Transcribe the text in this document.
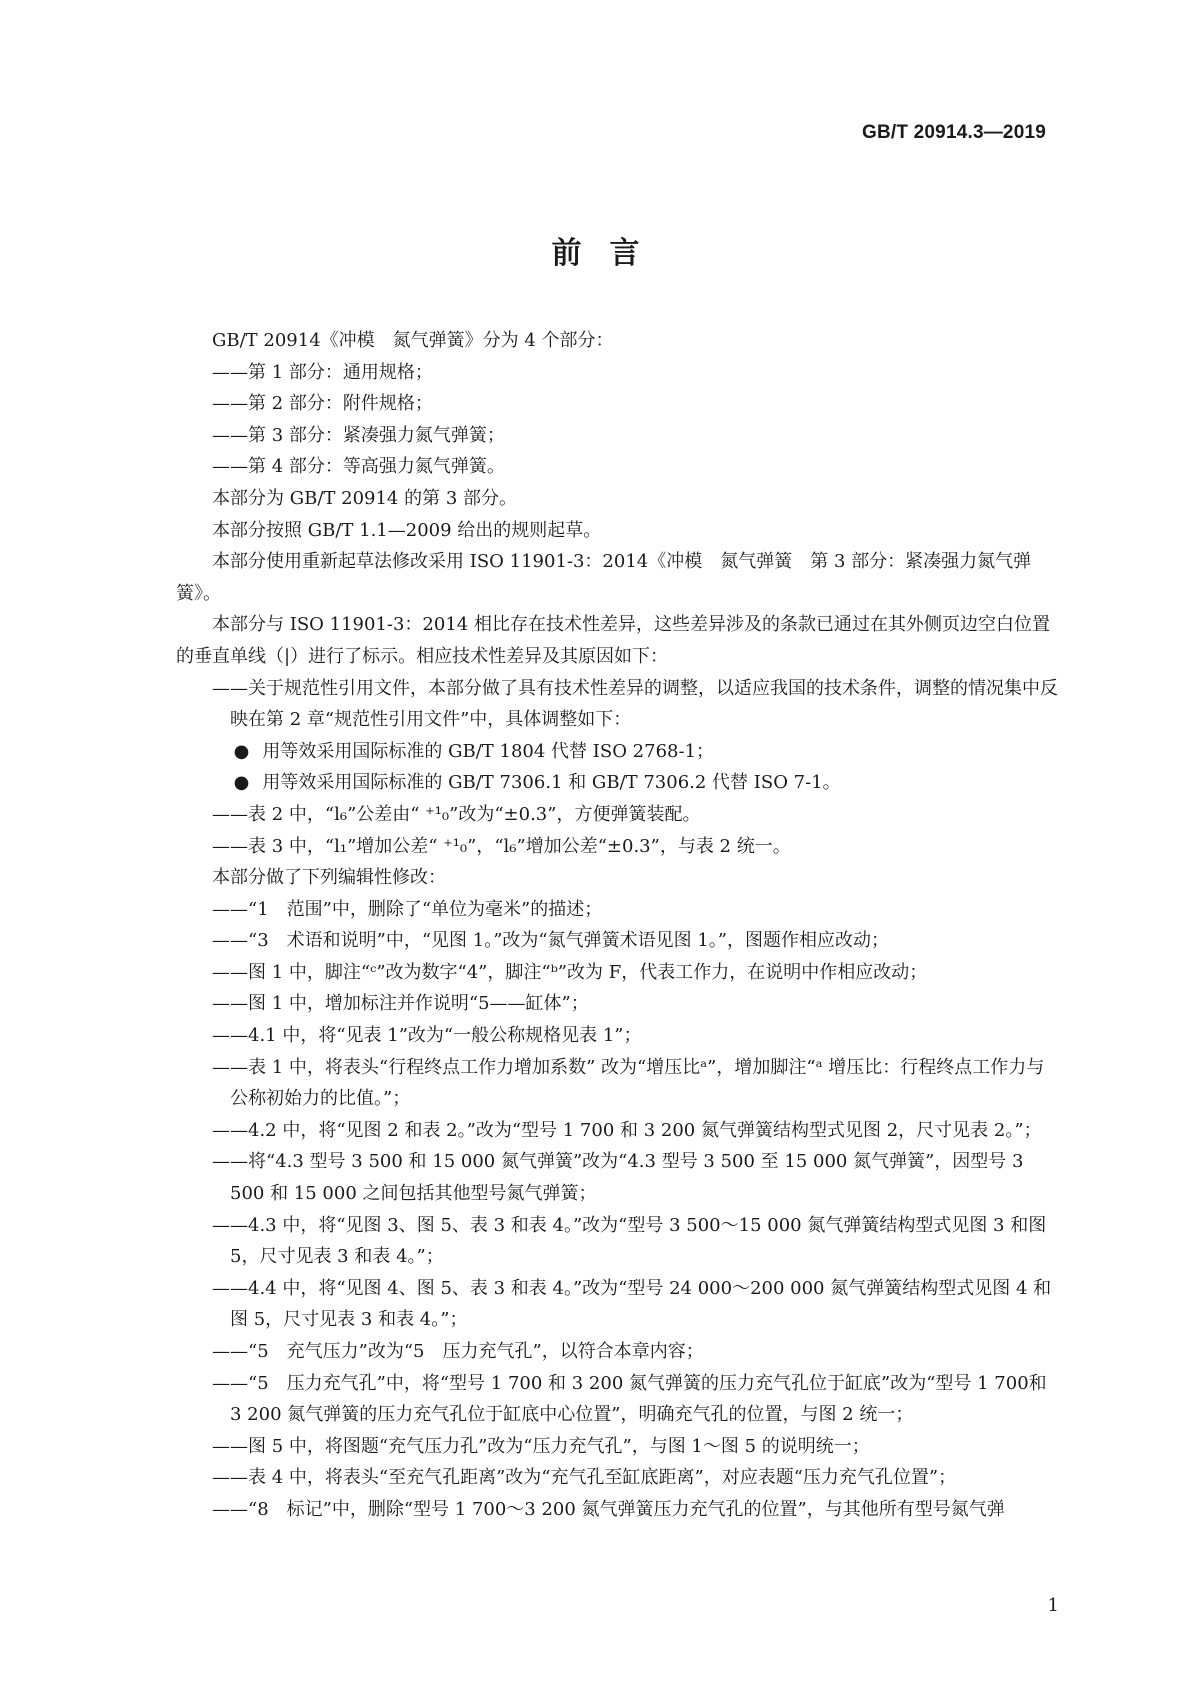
GB/T 20914.3—2019
前言

GB/T 20914《冲模　氮气弹簧》分为 4 个部分：

——第 1 部分：通用规格；

——第 2 部分：附件规格；

——第 3 部分：紧凑强力氮气弹簧；

——第 4 部分：等高强力氮气弹簧。

本部分为 GB/T 20914 的第 3 部分。

本部分按照 GB/T 1.1—2009 给出的规则起草。

本部分使用重新起草法修改采用 ISO 11901-3：2014《冲模　氮气弹簧　第 3 部分：紧凑强力氮气弹簧》。

本部分与 ISO 11901-3：2014 相比存在技术性差异，这些差异涉及的条款已通过在其外侧页边空白位置的垂直单线（|）进行了标示。相应技术性差异及其原因如下：

——关于规范性引用文件，本部分做了具有技术性差异的调整，以适应我国的技术条件，调整的情况集中反映在第 2 章“规范性引用文件”中，具体调整如下：

● 用等效采用国际标准的 GB/T 1804 代替 ISO 2768-1；

● 用等效采用国际标准的 GB/T 7306.1 和 GB/T 7306.2 代替 ISO 7-1。

——表 2 中，“l₆”公差由“ ⁺¹₀”改为“±0.3”，方便弹簧装配。

——表 3 中，“l₁”增加公差“ ⁺¹₀”，“l₆”增加公差“±0.3”，与表 2 统一。

本部分做了下列编辑性修改：

——“1　范围”中，删除了“单位为毫米”的描述；

——“3　术语和说明”中，“见图 1。”改为“氮气弹簧术语见图 1。”，图题作相应改动；

——图 1 中，脚注“ᶜ”改为数字“4”，脚注“ᵇ”改为 F，代表工作力，在说明中作相应改动；

——图 1 中，增加标注并作说明“5——缸体”；

——4.1 中，将“见表 1”改为“一般公称规格见表 1”；

——表 1 中，将表头“行程终点工作力增加系数” 改为“增压比ᵃ”，增加脚注“ᵃ 增压比：行程终点工作力与公称初始力的比值。”；

——4.2 中，将“见图 2 和表 2。”改为“型号 1 700 和 3 200 氮气弹簧结构型式见图 2，尺寸见表 2。”；

——将“4.3 型号 3 500 和 15 000 氮气弹簧”改为“4.3 型号 3 500 至 15 000 氮气弹簧”，因型号 3 500 和 15 000 之间包括其他型号氮气弹簧；

——4.3 中，将“见图 3、图 5、表 3 和表 4。”改为“型号 3 500～15 000 氮气弹簧结构型式见图 3 和图 5，尺寸见表 3 和表 4。”；

——4.4 中，将“见图 4、图 5、表 3 和表 4。”改为“型号 24 000～200 000 氮气弹簧结构型式见图 4 和图 5，尺寸见表 3 和表 4。”；

——“5　充气压力”改为“5　压力充气孔”，以符合本章内容；

——“5　压力充气孔”中，将“型号 1 700 和 3 200 氮气弹簧的压力充气孔位于缸底”改为“型号 1 700和 3 200 氮气弹簧的压力充气孔位于缸底中心位置”，明确充气孔的位置，与图 2 统一；

——图 5 中，将图题“充气压力孔”改为“压力充气孔”，与图 1～图 5 的说明统一；

——表 4 中，将表头“至充气孔距离”改为“充气孔至缸底距离”，对应表题“压力充气孔位置”；

——“8　标记”中，删除“型号 1 700～3 200 氮气弹簧压力充气孔的位置”，与其他所有型号氮气弹

1
